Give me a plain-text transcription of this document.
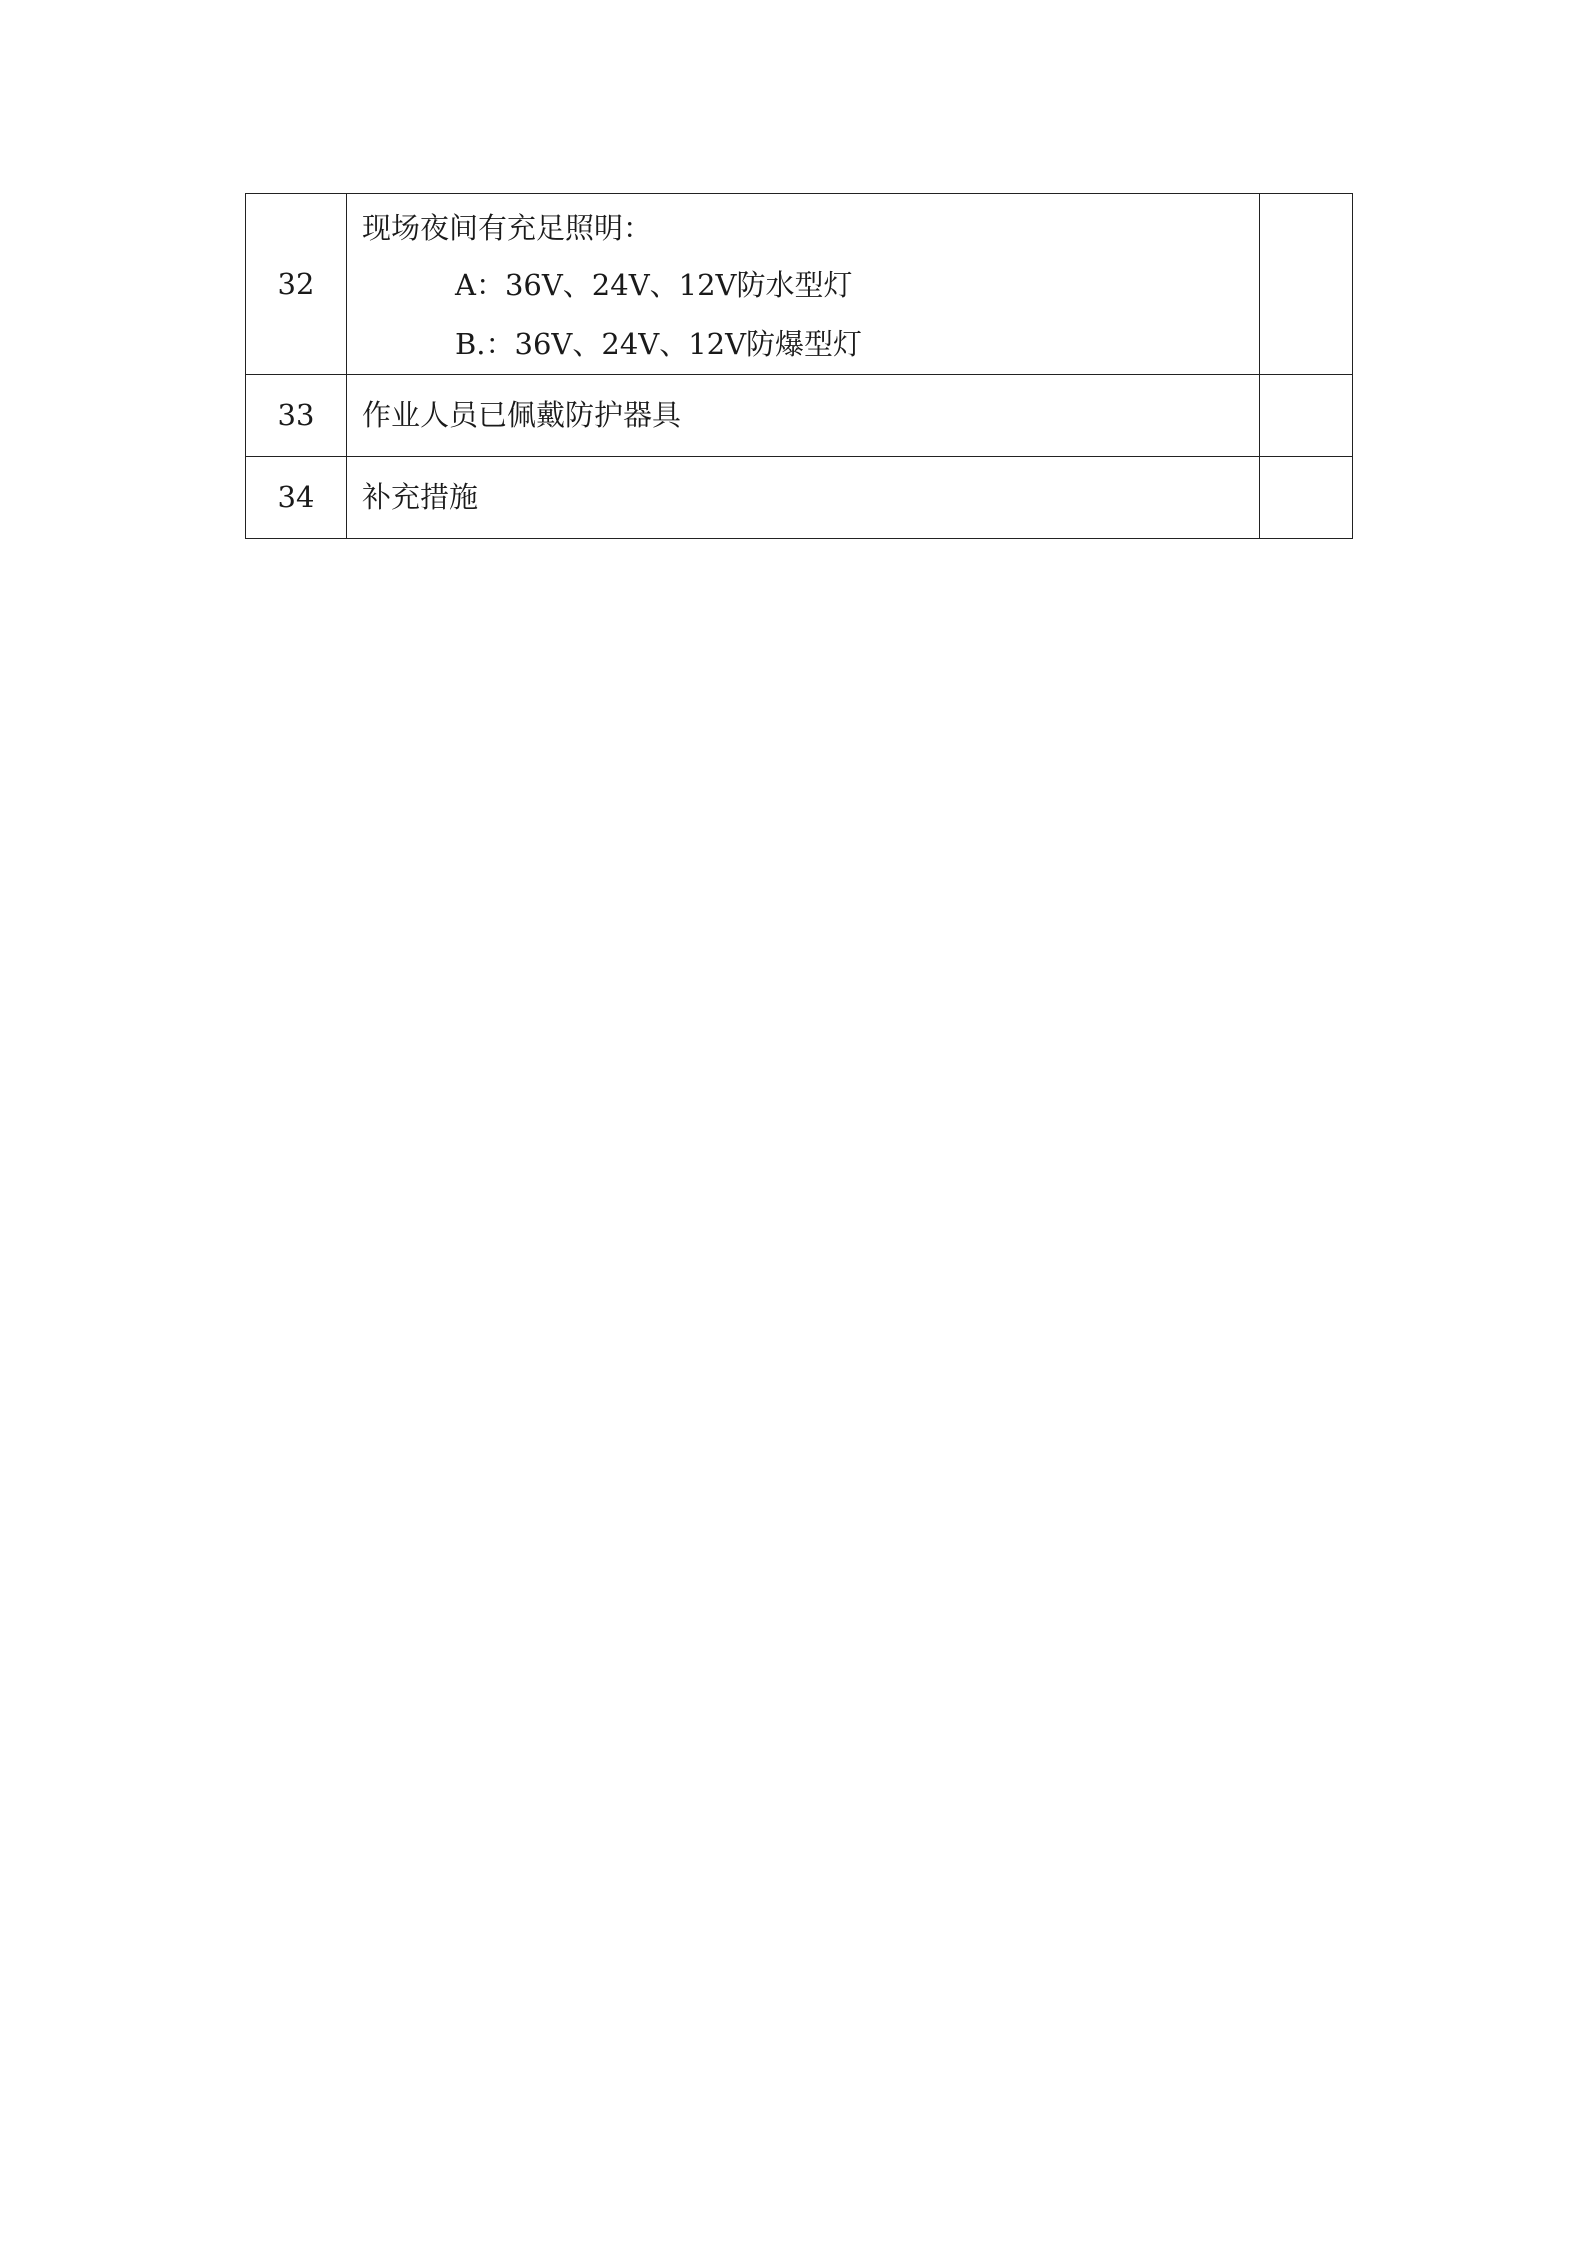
32	现场夜间有充足照明：
A：36V、24V、12V防水型灯
B.：36V、24V、12V防爆型灯	

33	作业人员已佩戴防护器具	
34	补充措施	
